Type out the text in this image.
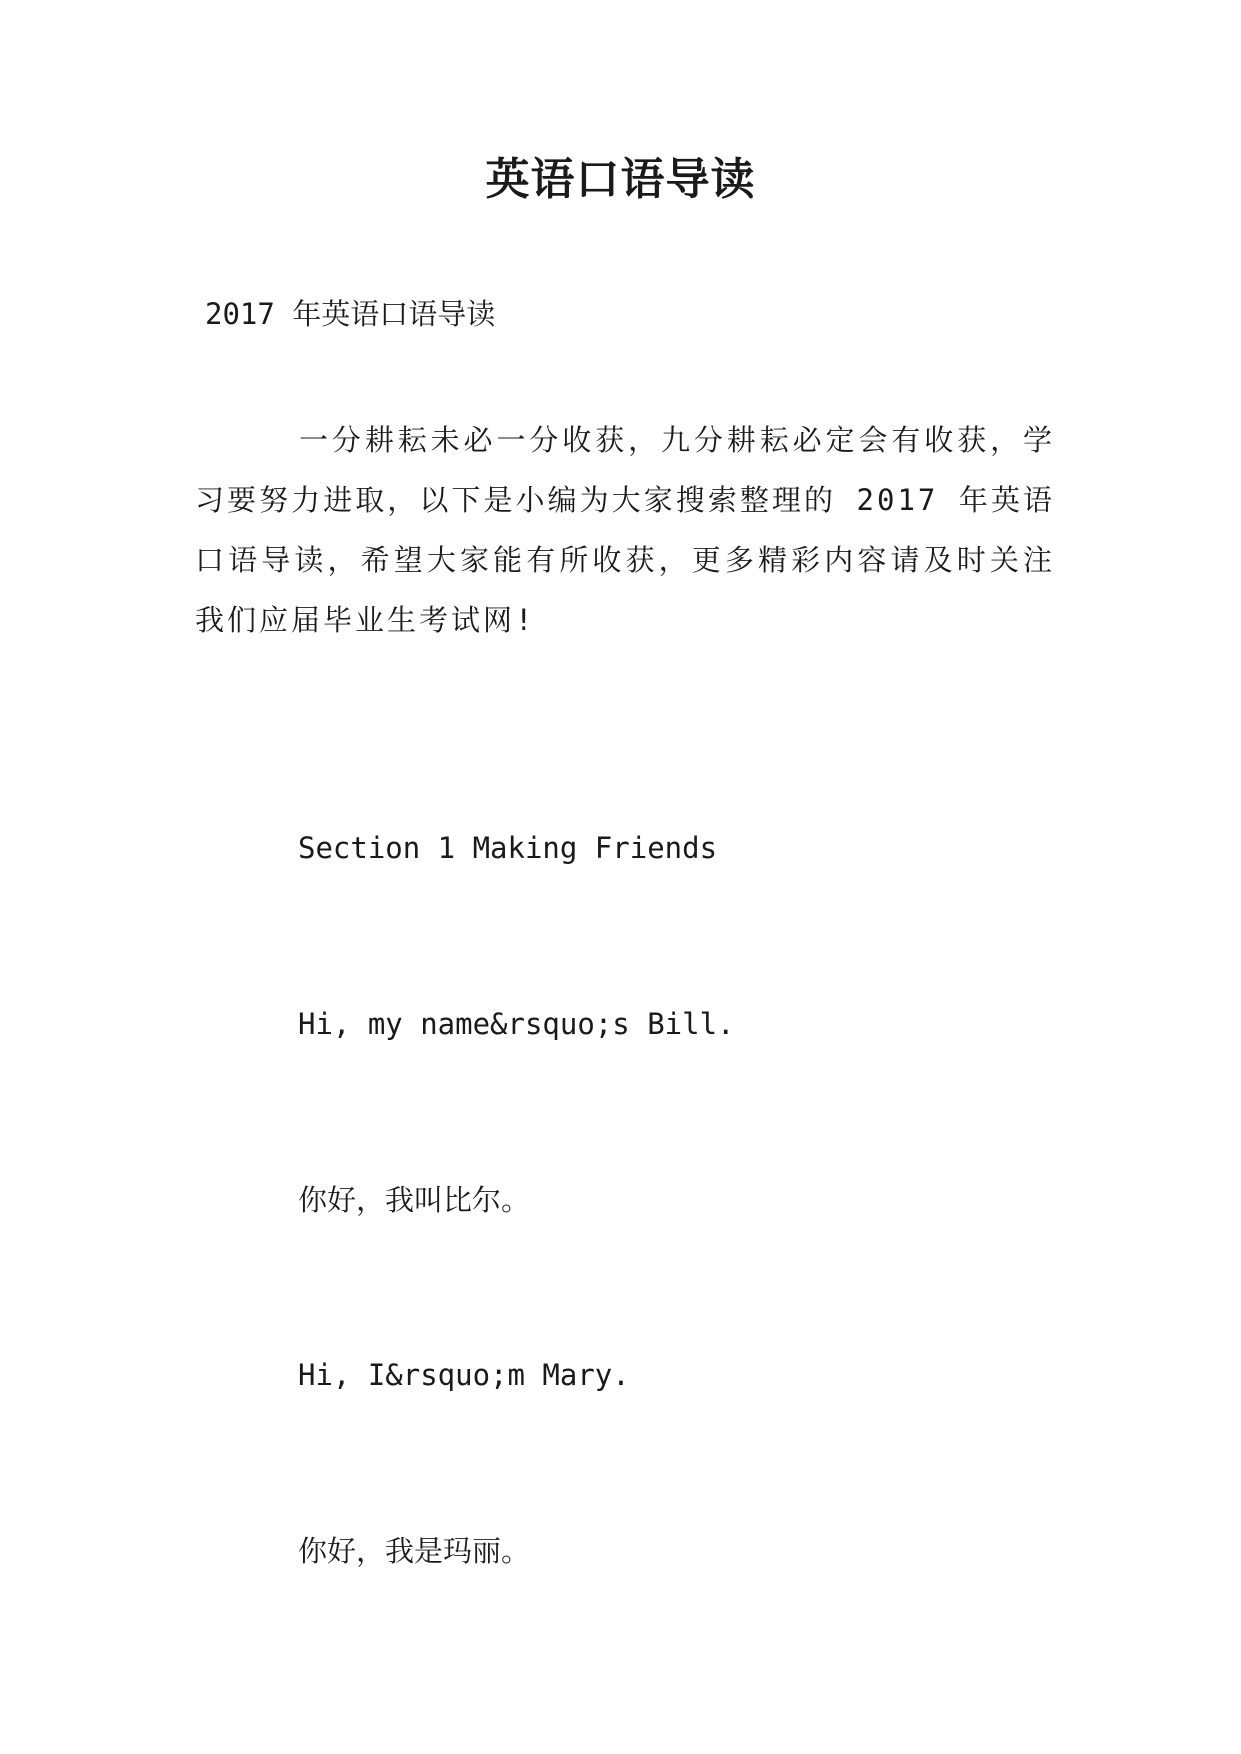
英语口语导读
2017 年英语口语导读
一分耕耘未必一分收获，九分耕耘必定会有收获，学习要努力进取，以下是小编为大家搜索整理的 2017 年英语口语导读，希望大家能有所收获，更多精彩内容请及时关注我们应届毕业生考试网!
Section 1 Making Friends
Hi, my name&rsquo;s Bill.
你好，我叫比尔。
Hi, I&rsquo;m Mary.
你好，我是玛丽。
